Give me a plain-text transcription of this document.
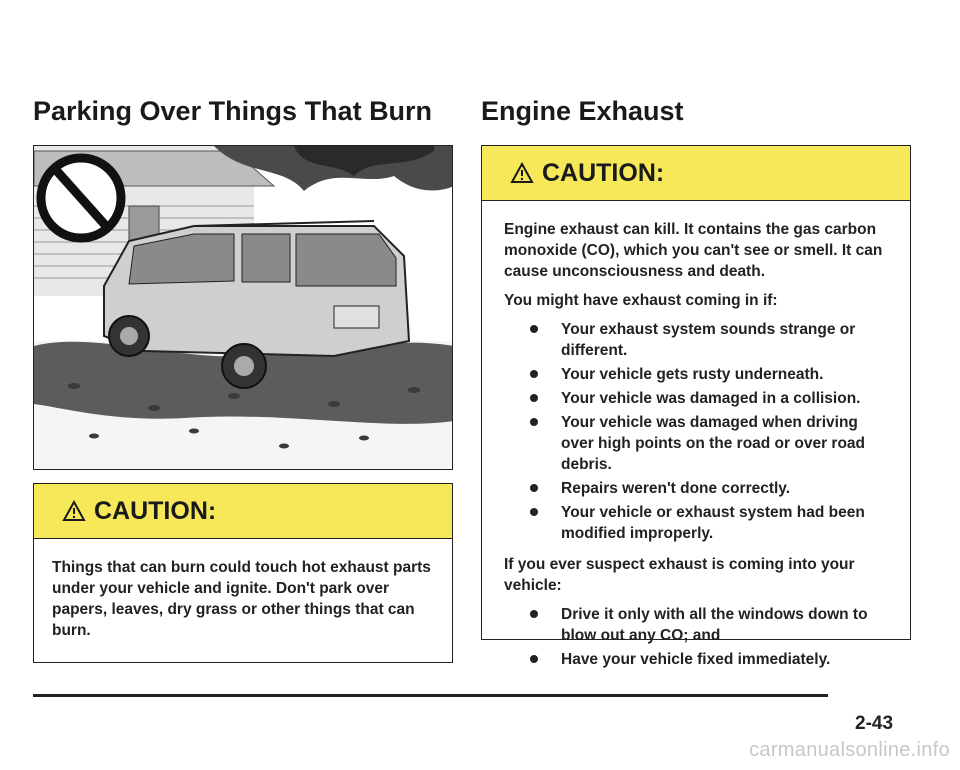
Parking Over Things That Burn Engine Exhaust
CAUTION:

Things that can burn could touch hot exhaust parts under your vehicle and ignite. Don't park over papers, leaves, dry grass or other things that can burn.

CAUTION:

Engine exhaust can kill. It contains the gas carbon monoxide (CO), which you can't see or smell. It can cause unconsciousness and death.

You might have exhaust coming in if:

Your exhaust system sounds strange or different.
Your vehicle gets rusty underneath.
Your vehicle was damaged in a collision.
Your vehicle was damaged when driving over high points on the road or over road debris.
Repairs weren't done correctly.
Your vehicle or exhaust system had been modified improperly.

If you ever suspect exhaust is coming into your vehicle:

Drive it only with all the windows down to blow out any CO; and
Have your vehicle fixed immediately.
2-43
carmanualsonline.info
